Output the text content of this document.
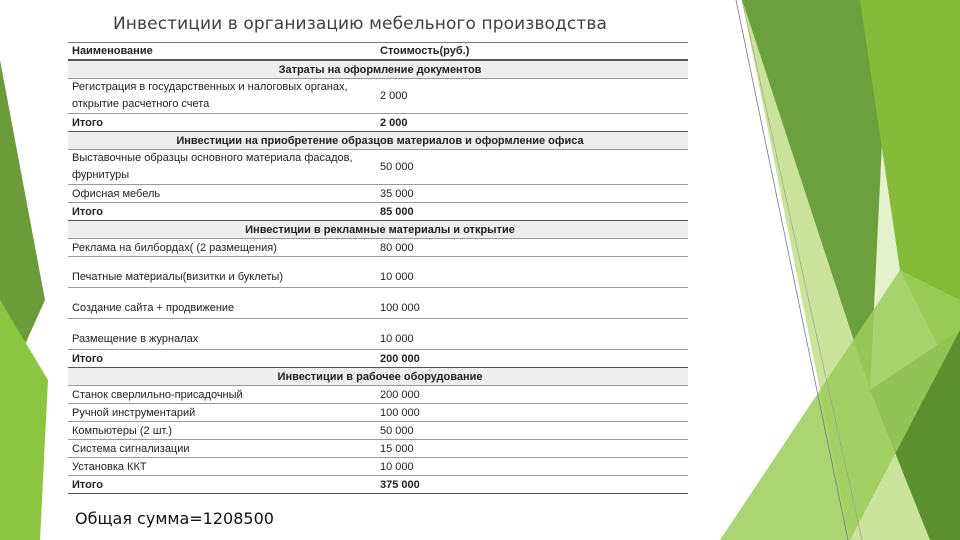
Инвестиции в организацию мебельного производства
Наименование	Стоимость(руб.)
Затраты на оформление документов	
Регистрация в государственных и налоговых органах, открытие расчетного счета	2 000
Итого	2 000
Инвестиции на приобретение образцов материалов и оформление офиса	
Выставочные образцы основного материала фасадов, фурнитуры	50 000
Офисная мебель	35 000
Итого	85 000
Инвестиции в рекламные материалы и открытие	
Реклама на билбордах( (2 размещения)	80 000
Печатные материалы(визитки и буклеты)	10 000
Создание сайта + продвижение	100 000
Размещение в журналах	10 000
Итого	200 000
Инвестиции в рабочее оборудование	
Станок сверлильно-присадочный	200 000
Ручной инструментарий	100 000
Компьютеры (2 шт.)	50 000
Система сигнализации	15 000
Установка ККТ	10 000
Итого	375 000
Общая сумма=1208500
